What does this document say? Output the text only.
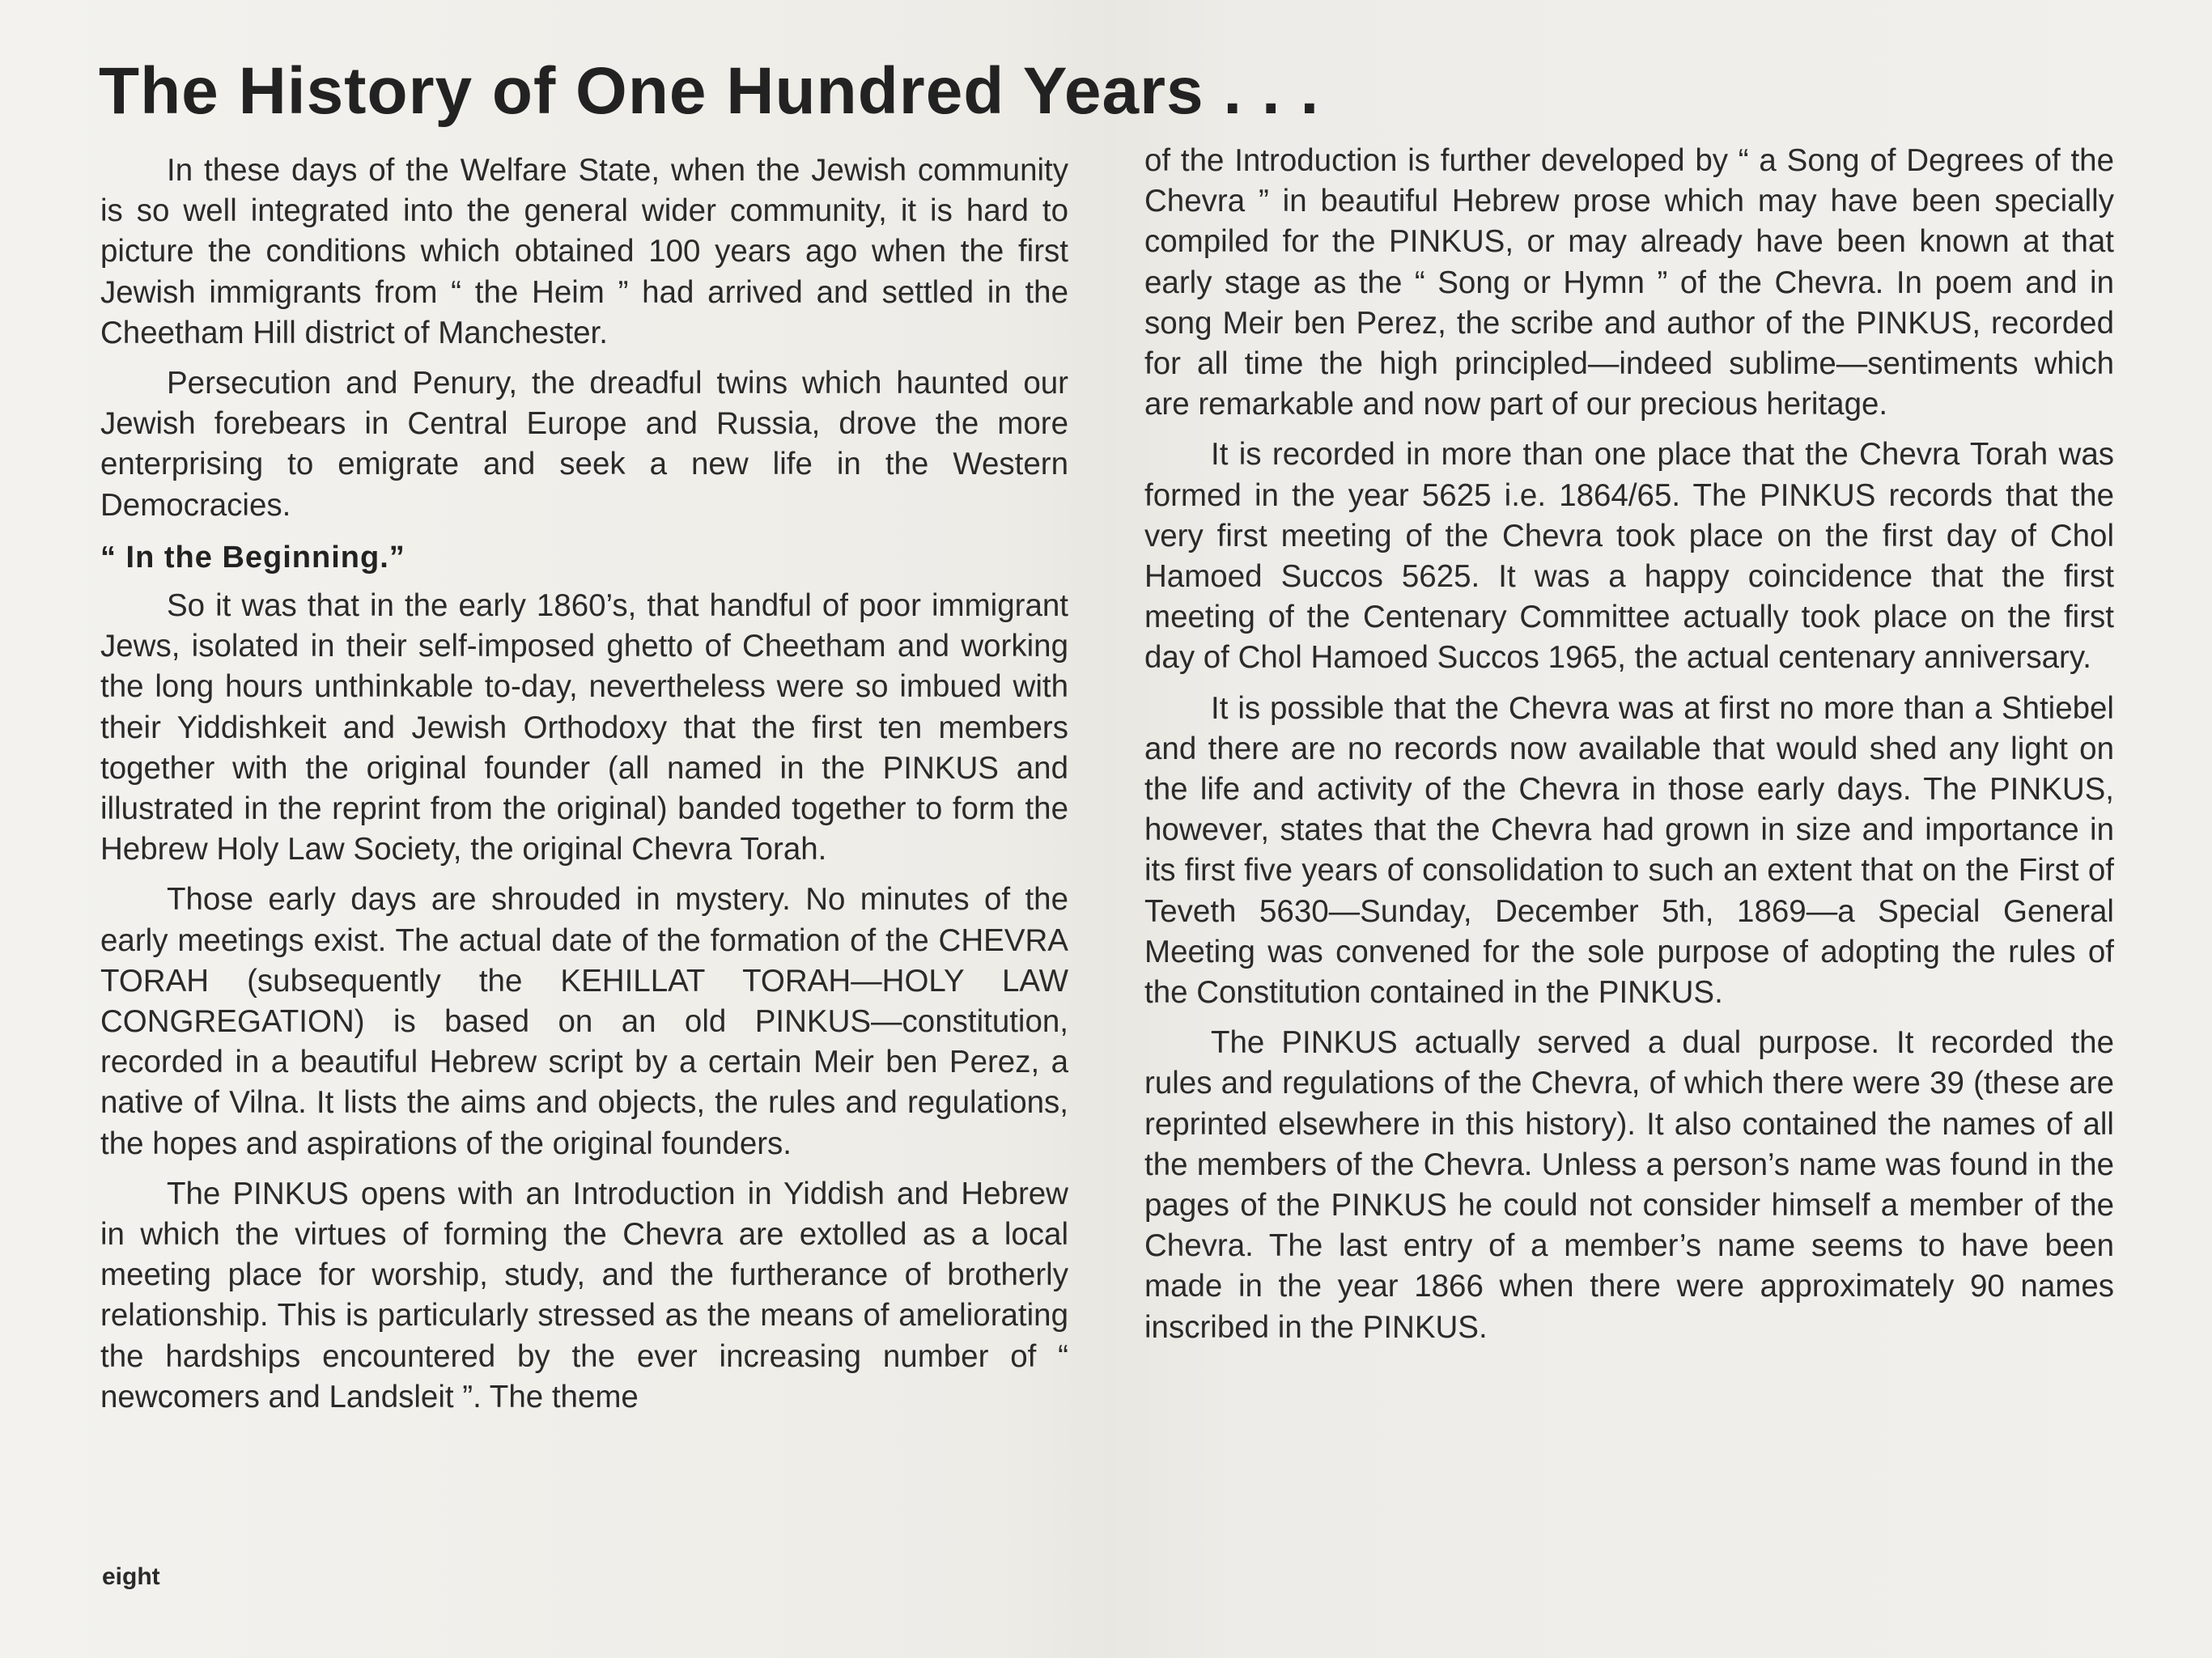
The History of One Hundred Years . . .

In these days of the Welfare State, when the Jewish community is so well integrated into the general wider community, it is hard to picture the conditions which obtained 100 years ago when the first Jewish immigrants from “ the Heim ” had arrived and settled in the Cheetham Hill district of Manchester.

Persecution and Penury, the dreadful twins which haunted our Jewish forebears in Central Europe and Russia, drove the more enterprising to emigrate and seek a new life in the Western Democracies.

“ In the Beginning.”

So it was that in the early 1860’s, that handful of poor immigrant Jews, isolated in their self-imposed ghetto of Cheetham and working the long hours unthinkable to-day, nevertheless were so imbued with their Yiddishkeit and Jewish Orthodoxy that the first ten members together with the original founder (all named in the PINKUS and illustrated in the reprint from the original) banded together to form the Hebrew Holy Law Society, the original Chevra Torah.

Those early days are shrouded in mystery. No minutes of the early meetings exist. The actual date of the formation of the CHEVRA TORAH (subsequently the KEHILLAT TORAH—HOLY LAW CONGREGATION) is based on an old PINKUS—constitution, recorded in a beautiful Hebrew script by a certain Meir ben Perez, a native of Vilna. It lists the aims and objects, the rules and regulations, the hopes and aspirations of the original founders.

The PINKUS opens with an Introduction in Yiddish and Hebrew in which the virtues of forming the Chevra are extolled as a local meeting place for worship, study, and the furtherance of brotherly relationship. This is particularly stressed as the means of ameliorating the hardships encountered by the ever increasing number of “ newcomers and Landsleit ”. The theme

of the Introduction is further developed by “ a Song of Degrees of the Chevra ” in beautiful Hebrew prose which may have been specially compiled for the PINKUS, or may already have been known at that early stage as the “ Song or Hymn ” of the Chevra. In poem and in song Meir ben Perez, the scribe and author of the PINKUS, recorded for all time the high principled—indeed sublime—sentiments which are remarkable and now part of our precious heritage.

It is recorded in more than one place that the Chevra Torah was formed in the year 5625 i.e. 1864/65. The PINKUS records that the very first meeting of the Chevra took place on the first day of Chol Hamoed Succos 5625. It was a happy coincidence that the first meeting of the Centenary Committee actually took place on the first day of Chol Hamoed Succos 1965, the actual centenary anniversary.

It is possible that the Chevra was at first no more than a Shtiebel and there are no records now available that would shed any light on the life and activity of the Chevra in those early days. The PINKUS, however, states that the Chevra had grown in size and importance in its first five years of consolidation to such an extent that on the First of Teveth 5630—Sunday, December 5th, 1869—a Special General Meeting was convened for the sole purpose of adopting the rules of the Constitution contained in the PINKUS.

The PINKUS actually served a dual purpose. It recorded the rules and regulations of the Chevra, of which there were 39 (these are reprinted elsewhere in this history). It also contained the names of all the members of the Chevra. Unless a person’s name was found in the pages of the PINKUS he could not consider himself a member of the Chevra. The last entry of a member’s name seems to have been made in the year 1866 when there were approximately 90 names inscribed in the PINKUS.

eight
